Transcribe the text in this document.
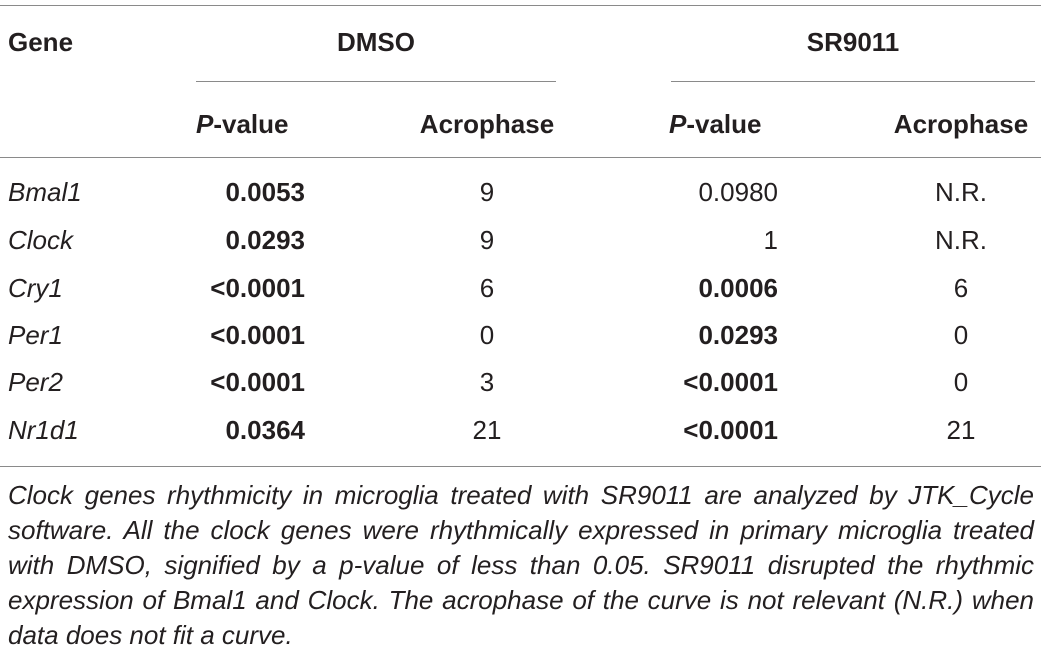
Gene	DMSO	SR9011
P-value	Acrophase	P-value	Acrophase
Bmal1	0.0053	9	0.0980	N.R.
Clock	0.0293	9	1	N.R.
Cry1	<0.0001	6	0.0006	6
Per1	<0.0001	0	0.0293	0
Per2	<0.0001	3	<0.0001	0
Nr1d1	0.0364	21	<0.0001	21
Clock genes rhythmicity in microglia treated with SR9011 are analyzed by JTK_Cycle software. All the clock genes were rhythmically expressed in primary microglia treated with DMSO, signified by a p-value of less than 0.05. SR9011 disrupted the rhythmic expression of Bmal1 and Clock. The acrophase of the curve is not relevant (N.R.) when data does not fit a curve.
